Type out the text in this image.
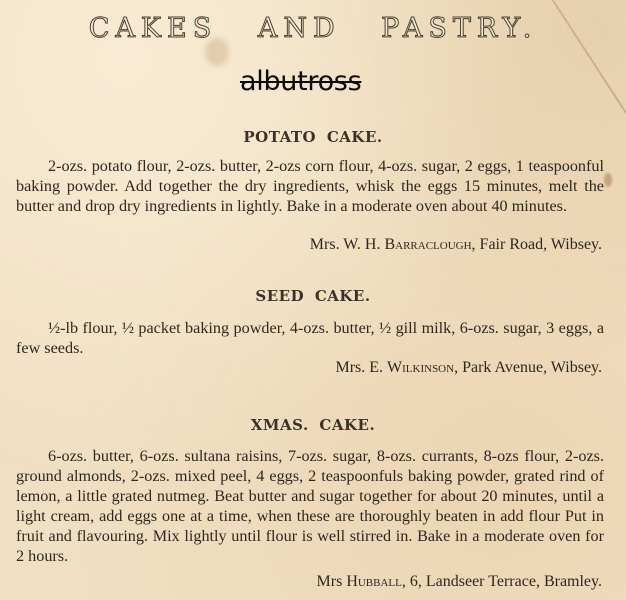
CAKES AND PASTRY.
albutross
POTATO CAKE.
2-ozs. potato flour, 2-ozs. butter, 2-ozs corn flour, 4-ozs. sugar, 2 eggs, 1 teaspoonful baking powder. Add together the dry ingredients, whisk the eggs 15 minutes, melt the butter and drop dry ingredients in lightly. Bake in a moderate oven about 40 minutes.
Mrs. W. H. Barraclough, Fair Road, Wibsey.
SEED CAKE.
½-lb flour, ½ packet baking powder, 4-ozs. butter, ½ gill milk, 6-ozs. sugar, 3 eggs, a few seeds.
Mrs. E. Wilkinson, Park Avenue, Wibsey.
XMAS. CAKE.
6-ozs. butter, 6-ozs. sultana raisins, 7-ozs. sugar, 8-ozs. currants, 8-ozs flour, 2-ozs. ground almonds, 2-ozs. mixed peel, 4 eggs, 2 teaspoonfuls baking powder, grated rind of lemon, a little grated nutmeg. Beat butter and sugar together for about 20 minutes, until a light cream, add eggs one at a time, when these are thoroughly beaten in add flour Put in fruit and flavouring. Mix lightly until flour is well stirred in. Bake in a moderate oven for 2 hours.
Mrs Hubball, 6, Landseer Terrace, Bramley.
